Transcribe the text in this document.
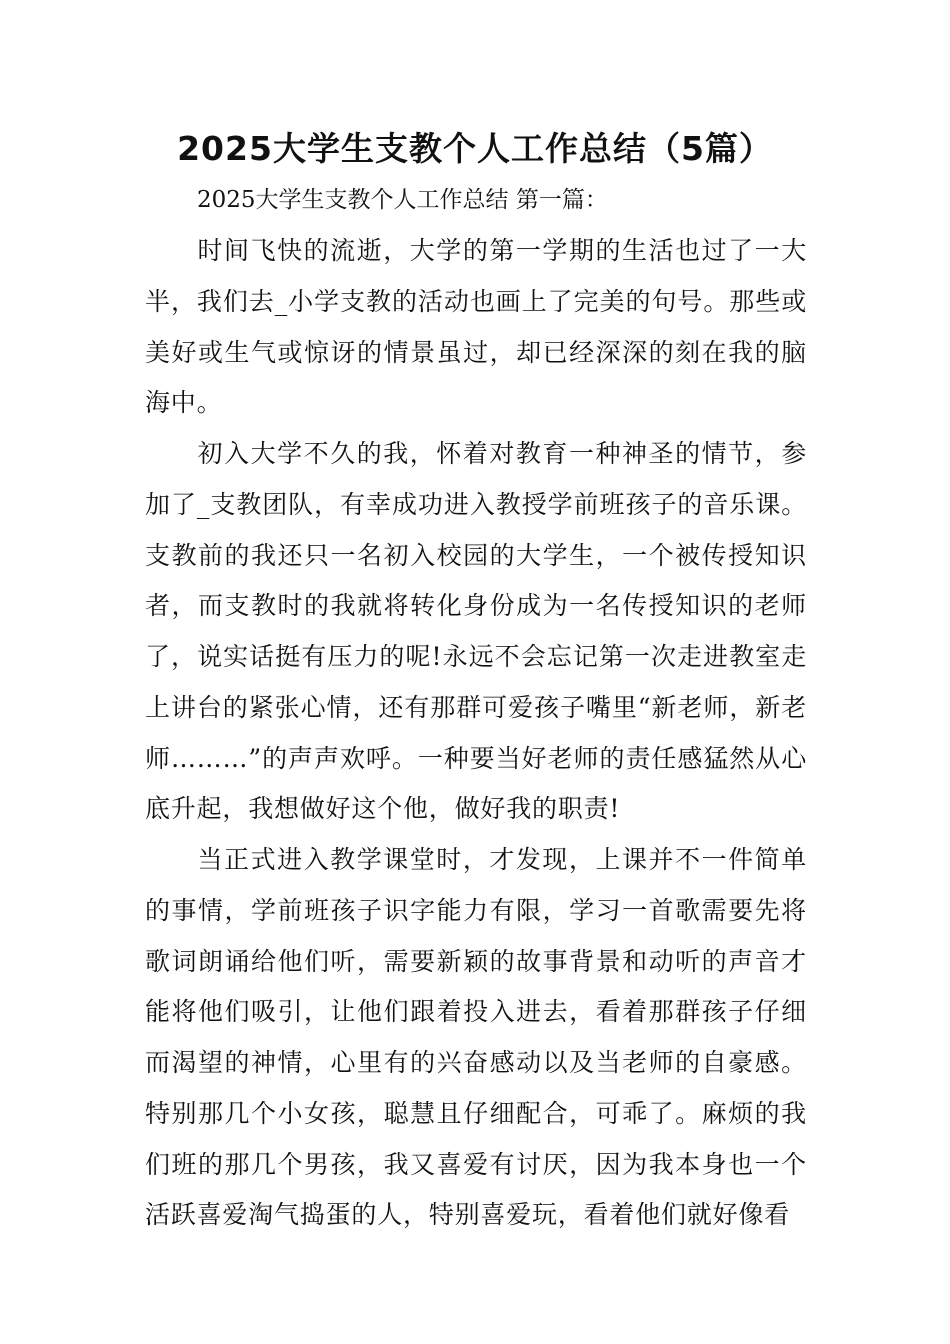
2025大学生支教个人工作总结（5篇）
2025大学生支教个人工作总结 第一篇：

时间飞快的流逝，大学的第一学期的生活也过了一大半，我们去_小学支教的活动也画上了完美的句号。那些或美好或生气或惊讶的情景虽过，却已经深深的刻在我的脑海中。

初入大学不久的我，怀着对教育一种神圣的情节，参加了_支教团队，有幸成功进入教授学前班孩子的音乐课。支教前的我还只一名初入校园的大学生，一个被传授知识者，而支教时的我就将转化身份成为一名传授知识的老师了，说实话挺有压力的呢!永远不会忘记第一次走进教室走上讲台的紧张心情，还有那群可爱孩子嘴里“新老师，新老师………”的声声欢呼。一种要当好老师的责任感猛然从心底升起，我想做好这个他，做好我的职责!

当正式进入教学课堂时，才发现，上课并不一件简单的事情，学前班孩子识字能力有限，学习一首歌需要先将歌词朗诵给他们听，需要新颖的故事背景和动听的声音才能将他们吸引，让他们跟着投入进去，看着那群孩子仔细而渴望的神情，心里有的兴奋感动以及当老师的自豪感。特别那几个小女孩，聪慧且仔细配合，可乖了。麻烦的我们班的那几个男孩，我又喜爱有讨厌，因为我本身也一个活跃喜爱淘气捣蛋的人，特别喜爱玩，看着他们就好像看
